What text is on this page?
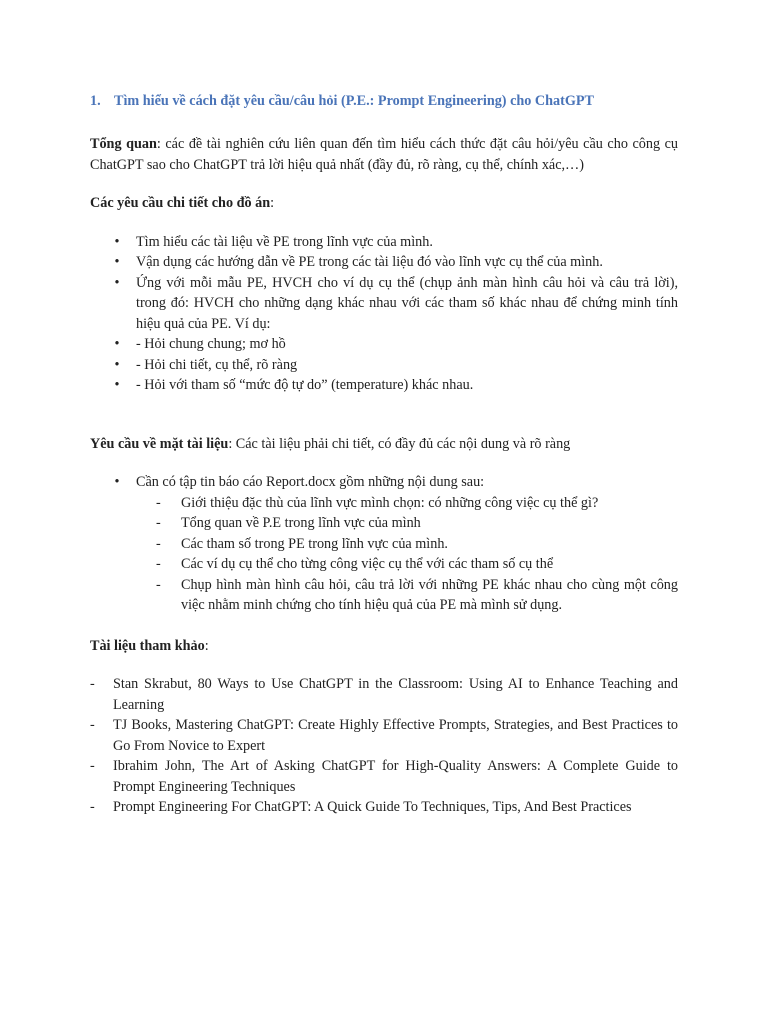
1. Tìm hiểu về cách đặt yêu cầu/câu hỏi (P.E.: Prompt Engineering) cho ChatGPT

Tổng quan: các đề tài nghiên cứu liên quan đến tìm hiểu cách thức đặt câu hỏi/yêu cầu cho công cụ ChatGPT sao cho ChatGPT trả lời hiệu quả nhất (đầy đủ, rõ ràng, cụ thể, chính xác,…)

Các yêu cầu chi tiết cho đồ án:

• Tìm hiểu các tài liệu về PE trong lĩnh vực của mình.
• Vận dụng các hướng dẫn về PE trong các tài liệu đó vào lĩnh vực cụ thể của mình.
• Ứng với mỗi mẫu PE, HVCH cho ví dụ cụ thể (chụp ảnh màn hình câu hỏi và câu trả lời), trong đó: HVCH cho những dạng khác nhau với các tham số khác nhau để chứng minh tính hiệu quả của PE. Ví dụ:
• - Hỏi chung chung; mơ hồ
• - Hỏi chi tiết, cụ thể, rõ ràng
• - Hỏi với tham số “mức độ tự do” (temperature) khác nhau.

Yêu cầu về mặt tài liệu: Các tài liệu phải chi tiết, có đầy đủ các nội dung và rõ ràng

• Cần có tập tin báo cáo Report.docx gồm những nội dung sau:
- Giới thiệu đặc thù của lĩnh vực mình chọn: có những công việc cụ thể gì?
- Tổng quan về P.E trong lĩnh vực của mình
- Các tham số trong PE trong lĩnh vực của mình.
- Các ví dụ cụ thể cho từng công việc cụ thể với các tham số cụ thể
- Chụp hình màn hình câu hỏi, câu trả lời với những PE khác nhau cho cùng một công việc nhằm minh chứng cho tính hiệu quả của PE mà mình sử dụng.

Tài liệu tham khảo:

- Stan Skrabut, 80 Ways to Use ChatGPT in the Classroom: Using AI to Enhance Teaching and Learning
- TJ Books, Mastering ChatGPT: Create Highly Effective Prompts, Strategies, and Best Practices to Go From Novice to Expert
- Ibrahim John, The Art of Asking ChatGPT for High-Quality Answers: A Complete Guide to Prompt Engineering Techniques
- Prompt Engineering For ChatGPT: A Quick Guide To Techniques, Tips, And Best Practices
